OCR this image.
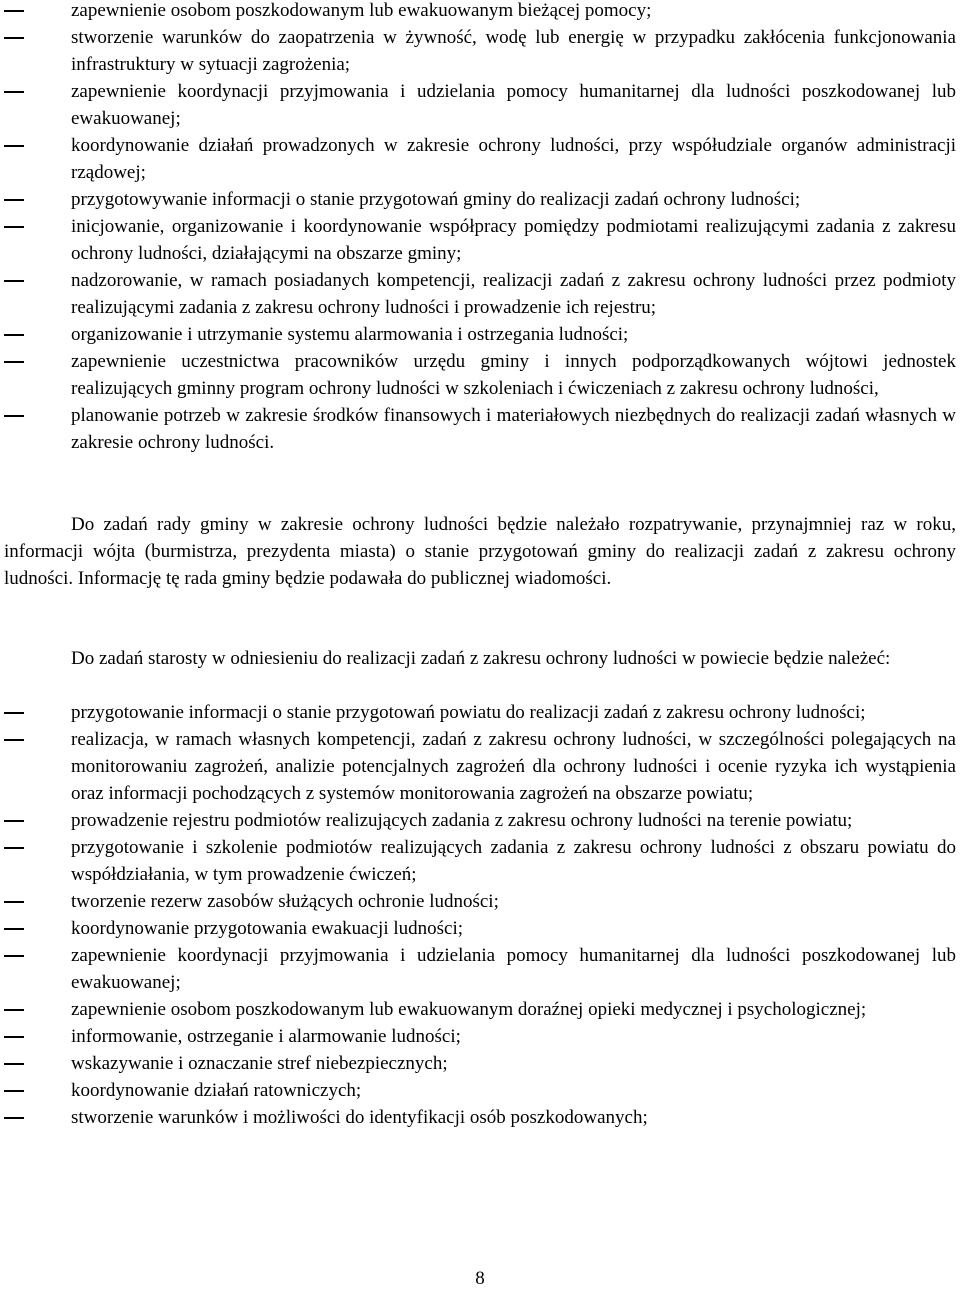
zapewnienie osobom poszkodowanym lub ewakuowanym bieżącej pomocy;
stworzenie warunków do zaopatrzenia w żywność, wodę lub energię w przypadku zakłócenia funkcjonowania infrastruktury w sytuacji zagrożenia;
zapewnienie koordynacji przyjmowania i udzielania pomocy humanitarnej dla ludności poszkodowanej lub ewakuowanej;
koordynowanie działań prowadzonych w zakresie ochrony ludności, przy współudziale organów administracji rządowej;
przygotowywanie informacji o stanie przygotowań gminy do realizacji zadań ochrony ludności;
inicjowanie, organizowanie i koordynowanie współpracy pomiędzy podmiotami realizującymi zadania z zakresu ochrony ludności, działającymi na obszarze gminy;
nadzorowanie, w ramach posiadanych kompetencji, realizacji zadań z zakresu ochrony ludności przez podmioty realizującymi zadania z zakresu ochrony ludności i prowadzenie ich rejestru;
organizowanie i utrzymanie systemu alarmowania i ostrzegania ludności;
zapewnienie uczestnictwa pracowników urzędu gminy i innych podporządkowanych wójtowi jednostek realizujących gminny program ochrony ludności w szkoleniach i ćwiczeniach z zakresu ochrony ludności,
planowanie potrzeb w zakresie środków finansowych i materiałowych niezbędnych do realizacji zadań własnych w zakresie ochrony ludności.

Do zadań rady gminy w zakresie ochrony ludności będzie należało rozpatrywanie, przynajmniej raz w roku, informacji wójta (burmistrza, prezydenta miasta) o stanie przygotowań gminy do realizacji zadań z zakresu ochrony ludności. Informację tę rada gminy będzie podawała do publicznej wiadomości.

Do zadań starosty w odniesieniu do realizacji zadań z zakresu ochrony ludności w powiecie będzie należeć:

przygotowanie informacji o stanie przygotowań powiatu do realizacji zadań z zakresu ochrony ludności;
realizacja, w ramach własnych kompetencji, zadań z zakresu ochrony ludności, w szczególności polegających na monitorowaniu zagrożeń, analizie potencjalnych zagrożeń dla ochrony ludności i ocenie ryzyka ich wystąpienia oraz informacji pochodzących z systemów monitorowania zagrożeń na obszarze powiatu;
prowadzenie rejestru podmiotów realizujących zadania z zakresu ochrony ludności na terenie powiatu;
przygotowanie i szkolenie podmiotów realizujących zadania z zakresu ochrony ludności z obszaru powiatu do współdziałania, w tym prowadzenie ćwiczeń;
tworzenie rezerw zasobów służących ochronie ludności;
koordynowanie przygotowania ewakuacji ludności;
zapewnienie koordynacji przyjmowania i udzielania pomocy humanitarnej dla ludności poszkodowanej lub ewakuowanej;
zapewnienie osobom poszkodowanym lub ewakuowanym doraźnej opieki medycznej i psychologicznej;
informowanie, ostrzeganie i alarmowanie ludności;
wskazywanie i oznaczanie stref niebezpiecznych;
koordynowanie działań ratowniczych;
stworzenie warunków i możliwości do identyfikacji osób poszkodowanych;
8
